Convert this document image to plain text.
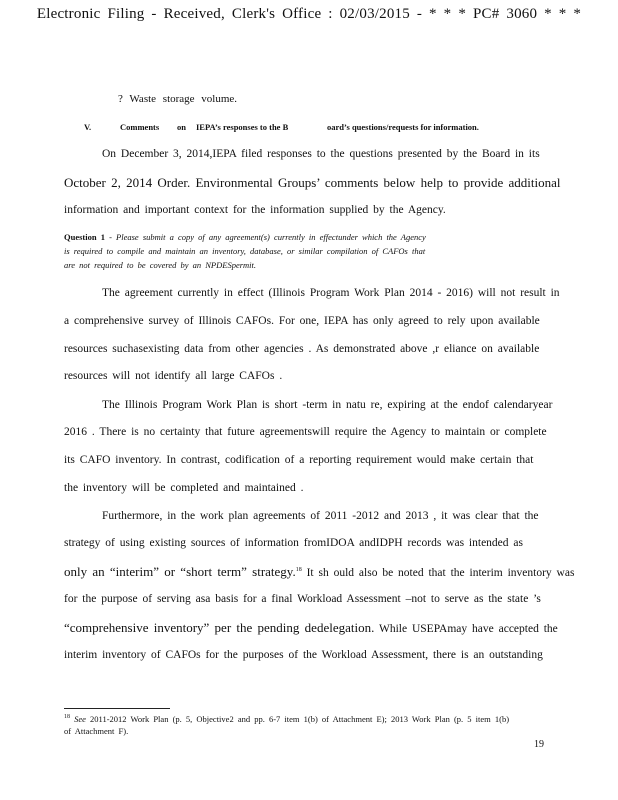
Electronic Filing - Received, Clerk's Office : 02/03/2015 - * * * PC# 3060 * * *
? Waste storage volume.
V.	Comments on IEPA’s responses to the B	oard’s questions/requests for information.
On December 3, 2014,IEPA filed responses to the questions presented by the Board in its
October 2, 2014 Order. Environmental Groups’ comments below help to provide additional
information and important context for the information supplied by the Agency.
Question 1 - Please submit a copy of any agreement(s) currently in effectunder which the Agency
is required to compile and maintain an inventory, database, or similar compilation of CAFOs that
are not required to be covered by an NPDESpermit.
The agreement currently in effect (Illinois Program Work Plan 2014 - 2016) will not result in
a comprehensive survey of Illinois CAFOs. For one, IEPA has only agreed to rely upon available
resources suchasexisting data from other agencies . As demonstrated above ,r eliance on available
resources will not identify all large CAFOs .
The Illinois Program Work Plan is short -term in natu re, expiring at the endof calendaryear
2016 . There is no certainty that future agreementswill require the Agency to maintain or complete
its CAFO inventory. In contrast, codification of a reporting requirement would make certain that
the inventory will be completed and maintained .
Furthermore, in the work plan agreements of 2011 -2012 and 2013 , it was clear that the
strategy of using existing sources of information fromIDOA andIDPH records was intended as
only an “interim” or “short term” strategy.$^{18}$ It sh ould also be noted that the interim inventory was
for the purpose of serving asa basis for a final Workload Assessment –not to serve as the state ’s
“comprehensive inventory” per the pending dedelegation. While USEPAmay have accepted the
interim inventory of CAFOs for the purposes of the Workload Assessment, there is an outstanding
$^{18}$ See 2011-2012 Work Plan (p. 5, Objective2 and pp. 6-7 item 1(b) of Attachment E); 2013 Work Plan (p. 5 item 1(b)
of Attachment F).
19
